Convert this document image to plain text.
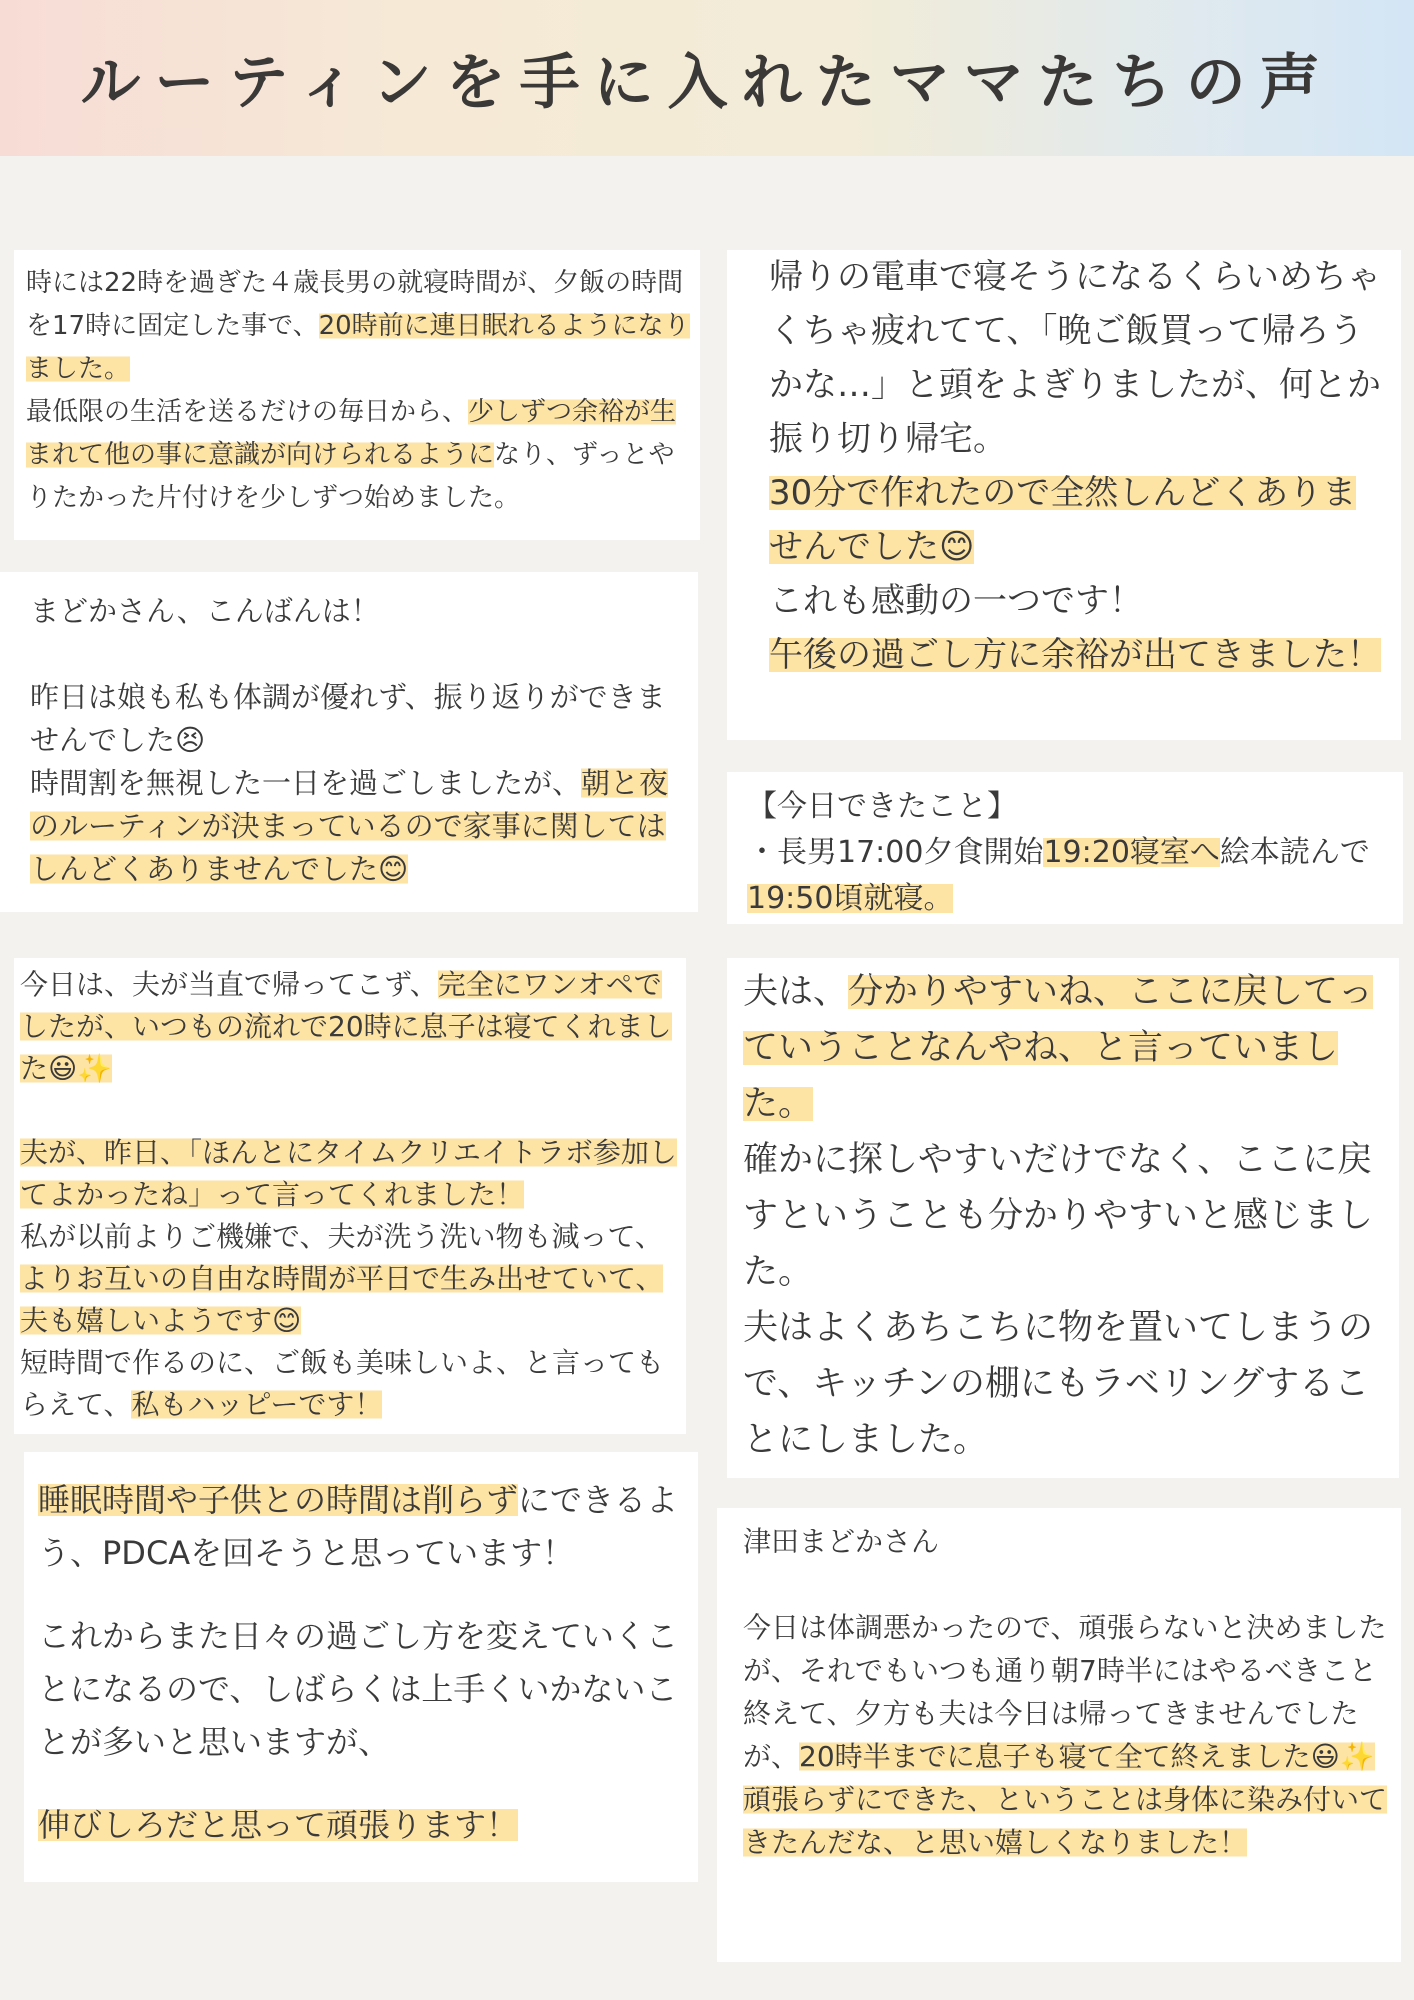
ルーティンを手に入れたママたちの声

時には22時を過ぎた４歳長男の就寝時間が、夕飯の時間を17時に固定した事で、20時前に連日眠れるようになりました。
最低限の生活を送るだけの毎日から、少しずつ余裕が生まれて他の事に意識が向けられるようになり、ずっとやりたかった片付けを少しずつ始めました。

まどかさん、こんばんは！
昨日は娘も私も体調が優れず、振り返りができませんでした😣
時間割を無視した一日を過ごしましたが、朝と夜のルーティンが決まっているので家事に関してはしんどくありませんでした😊

今日は、夫が当直で帰ってこず、完全にワンオペでしたが、いつもの流れで20時に息子は寝てくれました😃✨
夫が、昨日、「ほんとにタイムクリエイトラボ参加してよかったね」って言ってくれました！
私が以前よりご機嫌で、夫が洗う洗い物も減って、よりお互いの自由な時間が平日で生み出せていて、夫も嬉しいようです😊
短時間で作るのに、ご飯も美味しいよ、と言ってもらえて、私もハッピーです！

睡眠時間や子供との時間は削らずにできるよう、PDCAを回そうと思っています！
これからまた日々の過ごし方を変えていくことになるので、しばらくは上手くいかないことが多いと思いますが、
伸びしろだと思って頑張ります！

帰りの電車で寝そうになるくらいめちゃくちゃ疲れてて、「晩ご飯買って帰ろうかな…」と頭をよぎりましたが、何とか振り切り帰宅。
30分で作れたので全然しんどくありませんでした😊
これも感動の一つです！
午後の過ごし方に余裕が出てきました！

【今日できたこと】
・長男17:00夕食開始19:20寝室へ絵本読んで19:50頃就寝。

夫は、分かりやすいね、ここに戻してっていうことなんやね、と言っていました。
確かに探しやすいだけでなく、ここに戻すということも分かりやすいと感じました。
夫はよくあちこちに物を置いてしまうので、キッチンの棚にもラベリングすることにしました。

津田まどかさん
今日は体調悪かったので、頑張らないと決めましたが、それでもいつも通り朝7時半にはやるべきこと終えて、夕方も夫は今日は帰ってきませんでしたが、20時半までに息子も寝て全て終えました😃✨
頑張らずにできた、ということは身体に染み付いてきたんだな、と思い嬉しくなりました！
